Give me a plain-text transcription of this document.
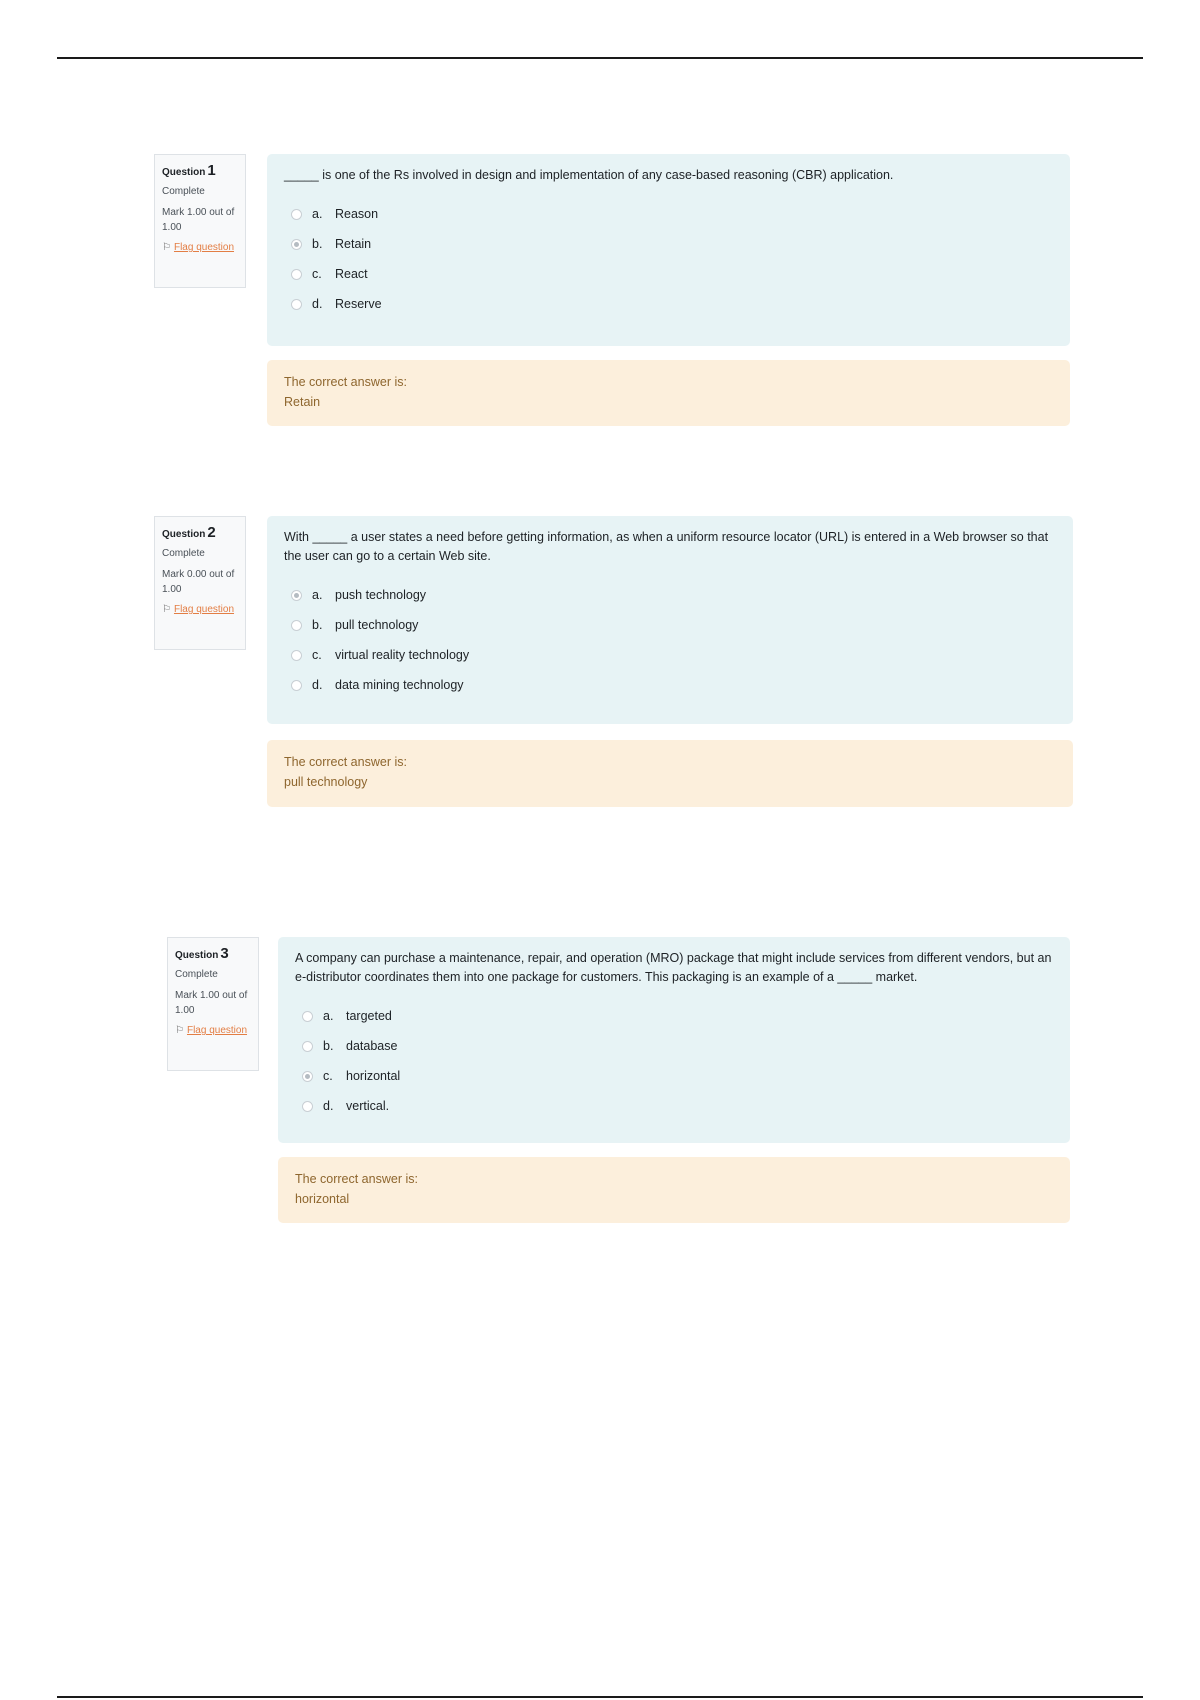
Question 1
Complete
Mark 1.00 out of 1.00
⚐ Flag question
_____ is one of the Rs involved in design and implementation of any case-based reasoning (CBR) application.
a.	Reason
b.	Retain
c.	React
d.	Reserve
The correct answer is:
Retain
Question 2
Complete
Mark 0.00 out of 1.00
⚐ Flag question
With _____ a user states a need before getting information, as when a uniform resource locator (URL) is entered in a Web browser so that the user can go to a certain Web site.
a.	push technology
b.	pull technology
c.	virtual reality technology
d.	data mining technology
The correct answer is:
pull technology
Question 3
Complete
Mark 1.00 out of 1.00
⚐ Flag question
A company can purchase a maintenance, repair, and operation (MRO) package that might include services from different vendors, but an e-distributor coordinates them into one package for customers. This packaging is an example of a _____ market.
a.	targeted
b.	database
c.	horizontal
d.	vertical.
The correct answer is:
horizontal
